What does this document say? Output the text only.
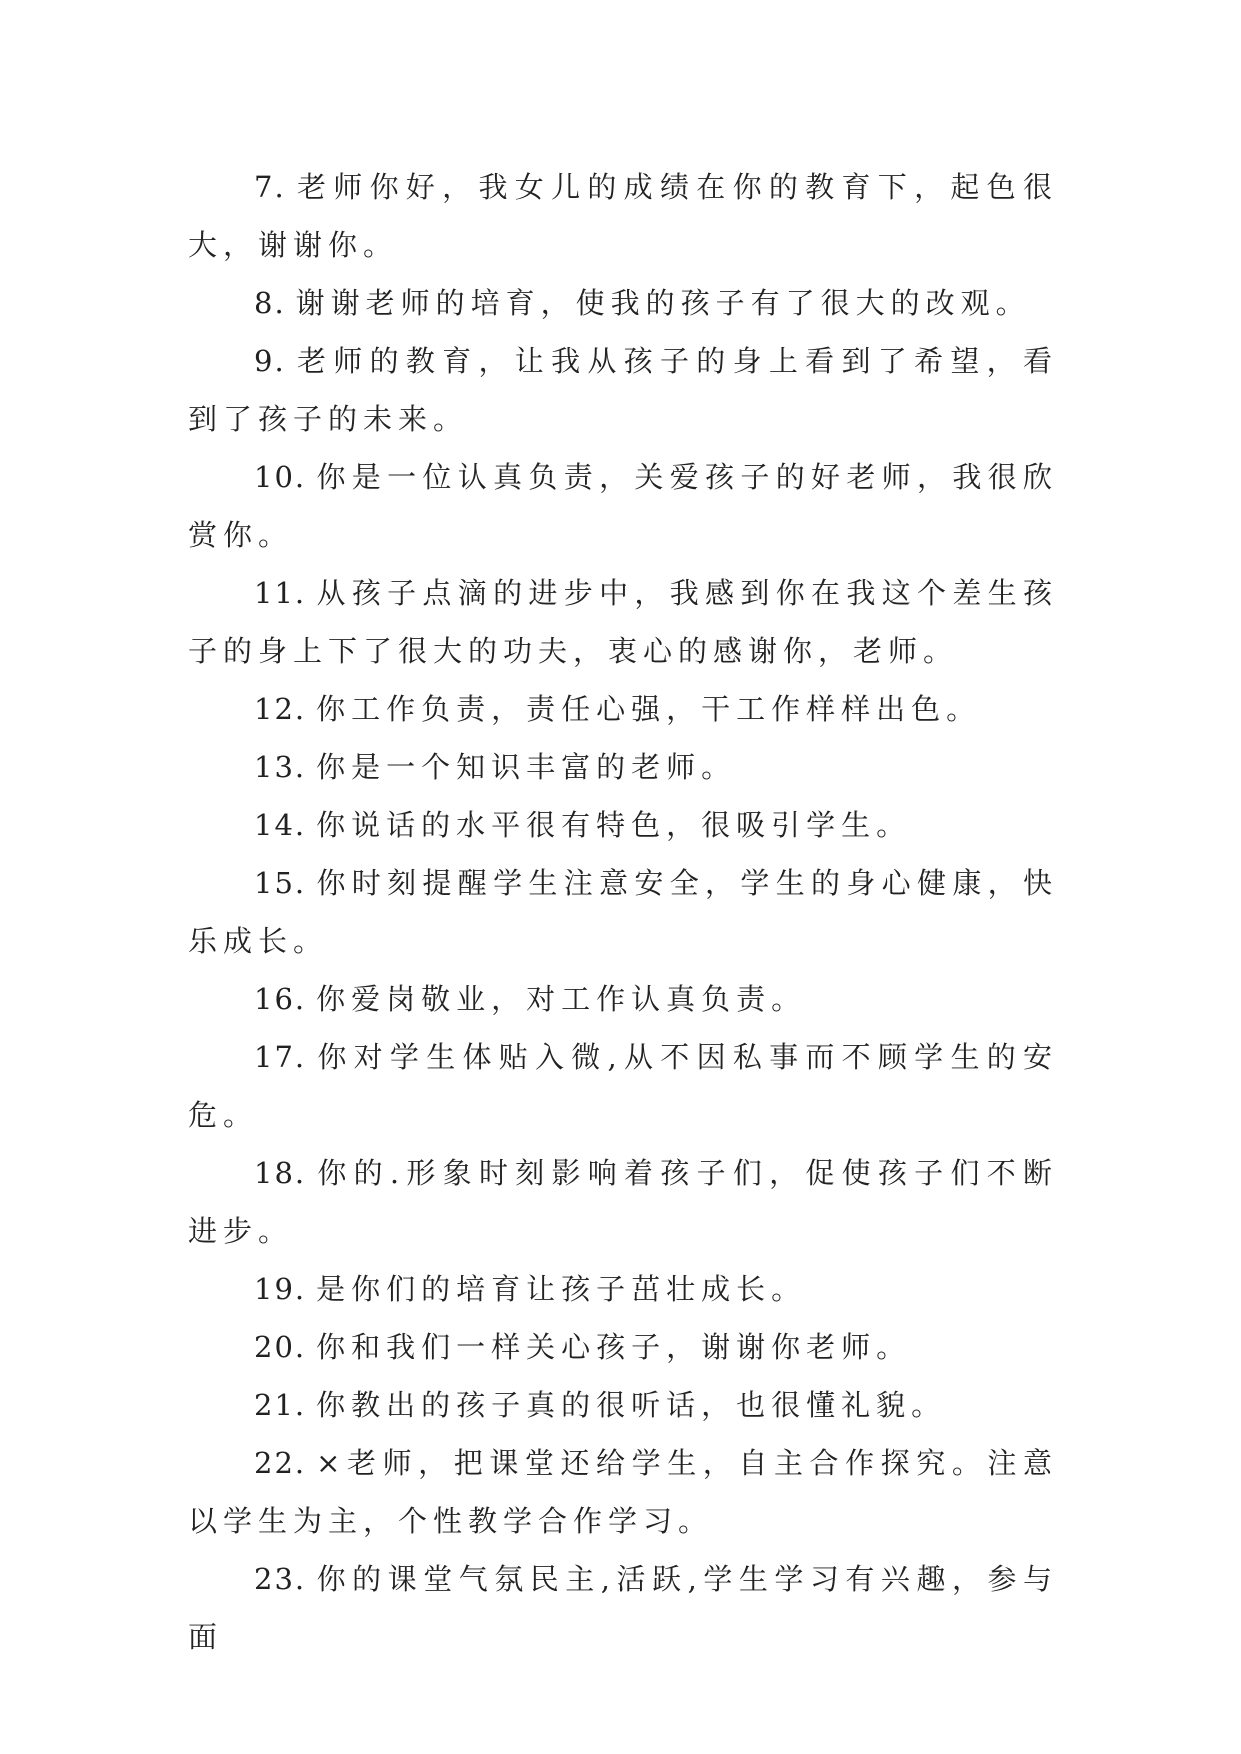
7. 老师你好，我女儿的成绩在你的教育下，起色很大，谢谢你。

8. 谢谢老师的培育，使我的孩子有了很大的改观。

9. 老师的教育，让我从孩子的身上看到了希望，看到了孩子的未来。

10. 你是一位认真负责，关爱孩子的好老师，我很欣赏你。

11. 从孩子点滴的进步中，我感到你在我这个差生孩子的身上下了很大的功夫，衷心的感谢你，老师。

12. 你工作负责，责任心强，干工作样样出色。

13. 你是一个知识丰富的老师。

14. 你说话的水平很有特色，很吸引学生。

15. 你时刻提醒学生注意安全，学生的身心健康，快乐成长。

16. 你爱岗敬业，对工作认真负责。

17. 你对学生体贴入微,从不因私事而不顾学生的安危。

18. 你的.形象时刻影响着孩子们，促使孩子们不断进步。

19. 是你们的培育让孩子茁壮成长。

20. 你和我们一样关心孩子，谢谢你老师。

21. 你教出的孩子真的很听话，也很懂礼貌。

22. ×老师，把课堂还给学生，自主合作探究。注意以学生为主，个性教学合作学习。

23. 你的课堂气氛民主,活跃,学生学习有兴趣，参与面
